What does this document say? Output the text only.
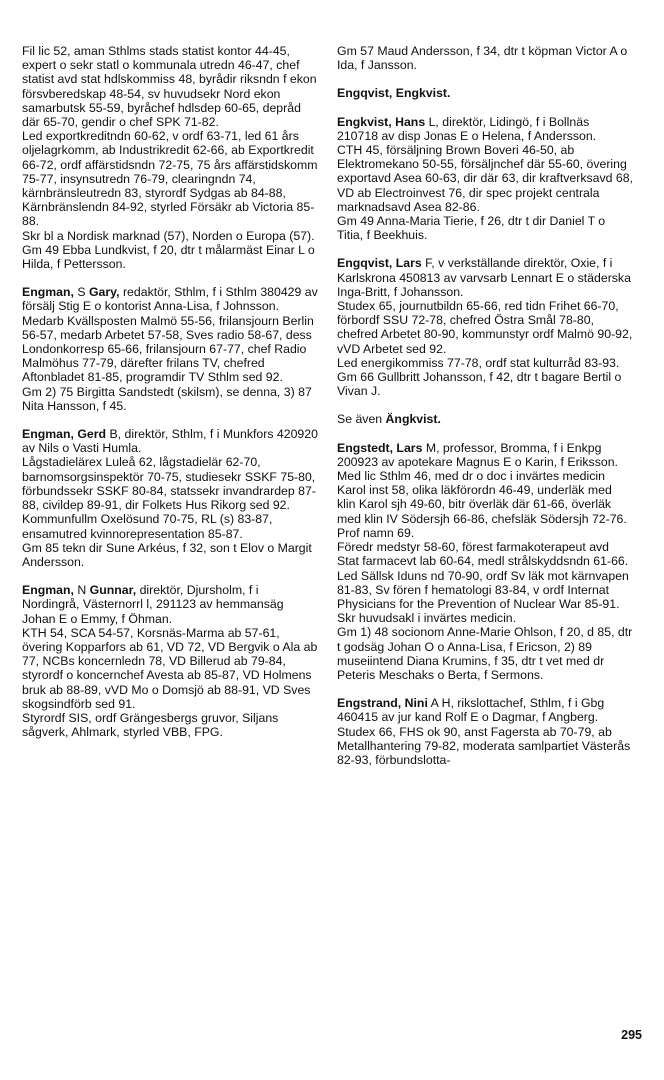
Fil lic 52, aman Sthlms stads statist kontor 44-45, expert o sekr statl o kommunala utredn 46-47, chef statist avd stat hdlskommiss 48, byrådir riksndn f ekon försvberedskap 48-54, sv huvudsekr Nord ekon samarbutsk 55-59, byråchef hdlsdep 60-65, depråd där 65-70, gendir o chef SPK 71-82.

Led exportkreditndn 60-62, v ordf 63-71, led 61 års oljelagrkomm, ab Industrikredit 62-66, ab Exportkredit 66-72, ordf affärstidsndn 72-75, 75 års affärstidskomm 75-77, insynsutredn 76-79, clearingndn 74, kärnbränsleutredn 83, styrordf Sydgas ab 84-88, Kärnbränslendn 84-92, styrled Försäkr ab Victoria 85-88.

Skr bl a Nordisk marknad (57), Norden o Europa (57).

Gm 49 Ebba Lundkvist, f 20, dtr t målarmäst Einar L o Hilda, f Pettersson.

Engman, S Gary, redaktör, Sthlm, f i Sthlm 380429 av försälj Stig E o kontorist Anna-Lisa, f Johnsson.

Medarb Kvällsposten Malmö 55-56, frilansjourn Berlin 56-57, medarb Arbetet 57-58, Sves radio 58-67, dess Londonkorresp 65-66, frilansjourn 67-77, chef Radio Malmöhus 77-79, därefter frilans TV, chefred Aftonbladet 81-85, programdir TV Sthlm sed 92.

Gm 2) 75 Birgitta Sandstedt (skilsm), se denna, 3) 87 Nita Hansson, f 45.

Engman, Gerd B, direktör, Sthlm, f i Munkfors 420920 av Nils o Vasti Humla.

Lågstadielärex Luleå 62, lågstadielär 62-70, barnomsorgsinspektör 70-75, studiesekr SSKF 75-80, förbundssekr SSKF 80-84, statssekr invandrardep 87-88, civildep 89-91, dir Folkets Hus Rikorg sed 92.

Kommunfullm Oxelösund 70-75, RL (s) 83-87, ensamutred kvinnorepresentation 85-87.

Gm 85 tekn dir Sune Arkéus, f 32, son t Elov o Margit Andersson.

Engman, N Gunnar, direktör, Djursholm, f i Nordingrå, Västernorrl l, 291123 av hemmansäg Johan E o Emmy, f Öhman.

KTH 54, SCA 54-57, Korsnäs-Marma ab 57-61, övering Kopparfors ab 61, VD 72, VD Bergvik o Ala ab 77, NCBs koncernledn 78, VD Billerud ab 79-84, styrordf o koncernchef Avesta ab 85-87, VD Holmens bruk ab 88-89, vVD Mo o Domsjö ab 88-91, VD Sves skogsindförb sed 91.

Styrordf SIS, ordf Grängesbergs gruvor, Siljans sågverk, Ahlmark, styrled VBB, FPG.

Gm 57 Maud Andersson, f 34, dtr t köpman Victor A o Ida, f Jansson.

Engqvist, Engkvist.

Engkvist, Hans L, direktör, Lidingö, f i Bollnäs 210718 av disp Jonas E o Helena, f Andersson.

CTH 45, försäljning Brown Boveri 46-50, ab Elektromekano 50-55, försäljnchef där 55-60, övering exportavd Asea 60-63, dir där 63, dir kraftverksavd 68, VD ab Electroinvest 76, dir spec projekt centrala marknadsavd Asea 82-86.

Gm 49 Anna-Maria Tierie, f 26, dtr t dir Daniel T o Titia, f Beekhuis.

Engqvist, Lars F, v verkställande direktör, Oxie, f i Karlskrona 450813 av varvsarb Lennart E o städerska Inga-Britt, f Johansson.

Studex 65, journutbildn 65-66, red tidn Frihet 66-70, förbordf SSU 72-78, chefred Östra Smål 78-80, chefred Arbetet 80-90, kommunstyr ordf Malmö 90-92, vVD Arbetet sed 92.

Led energikommiss 77-78, ordf stat kulturråd 83-93.

Gm 66 Gullbritt Johansson, f 42, dtr t bagare Bertil o Vivan J.

Se även Ängkvist.

Engstedt, Lars M, professor, Bromma, f i Enkpg 200923 av apotekare Magnus E o Karin, f Eriksson.

Med lic Sthlm 46, med dr o doc i invärtes medicin Karol inst 58, olika läkförordn 46-49, underläk med klin Karol sjh 49-60, bitr överläk där 61-66, överläk med klin IV Södersjh 66-86, chefsläk Södersjh 72-76.

Prof namn 69.

Föredr medstyr 58-60, förest farmakoterapeut avd Stat farmacevt lab 60-64, medl strålskyddsndn 61-66.

Led Sällsk Iduns nd 70-90, ordf Sv läk mot kärnvapen 81-83, Sv fören f hematologi 83-84, v ordf Internat Physicians for the Prevention of Nuclear War 85-91.

Skr huvudsakl i invärtes medicin.

Gm 1) 48 socionom Anne-Marie Ohlson, f 20, d 85, dtr t godsäg Johan O o Anna-Lisa, f Ericson, 2) 89 museiintend Diana Krumins, f 35, dtr t vet med dr Peteris Meschaks o Berta, f Sermons.

Engstrand, Nini A H, rikslottachef, Sthlm, f i Gbg 460415 av jur kand Rolf E o Dagmar, f Angberg.

Studex 66, FHS ok 90, anst Fagersta ab 70-79, ab Metallhantering 79-82, moderata samlpartiet Västerås 82-93, förbundslotta-

295
